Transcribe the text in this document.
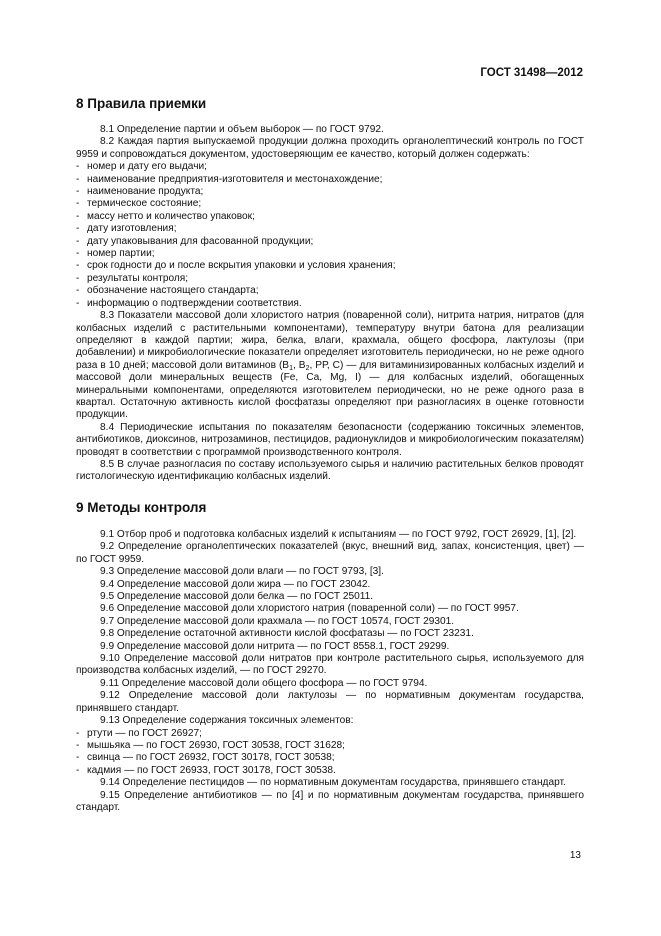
ГОСТ 31498—2012
8 Правила приемки

8.1 Определение партии и объем выборок — по ГОСТ 9792.

8.2 Каждая партия выпускаемой продукции должна проходить органолептический контроль по ГОСТ 9959 и сопровождаться документом, удостоверяющим ее качество, который должен содержать:

- номер и дату его выдачи;
- наименование предприятия-изготовителя и местонахождение;
- наименование продукта;
- термическое состояние;
- массу нетто и количество упаковок;
- дату изготовления;
- дату упаковывания для фасованной продукции;
- номер партии;
- срок годности до и после вскрытия упаковки и условия хранения;
- результаты контроля;
- обозначение настоящего стандарта;
- информацию о подтверждении соответствия.

8.3 Показатели массовой доли хлористого натрия (поваренной соли), нитрита натрия, нитратов (для колбасных изделий с растительными компонентами), температуру внутри батона для реализации определяют в каждой партии; жира, белка, влаги, крахмала, общего фосфора, лактулозы (при добавлении) и микробиологические показатели определяет изготовитель периодически, но не реже одного раза в 10 дней; массовой доли витаминов ($В_1$, $В_2$, РР, С) — для витаминизированных колбасных изделий и массовой доли минеральных веществ (Fe, Ca, Mg, I) — для колбасных изделий, обогащенных минеральными компонентами, определяются изготовителем периодически, но не реже одного раза в квартал. Остаточную активность кислой фосфатазы определяют при разногласиях в оценке готовности продукции.

8.4 Периодические испытания по показателям безопасности (содержанию токсичных элементов, антибиотиков, диоксинов, нитрозаминов, пестицидов, радионуклидов и микробиологическим показателям) проводят в соответствии с программой производственного контроля.

8.5 В случае разногласия по составу используемого сырья и наличию растительных белков проводят гистологическую идентификацию колбасных изделий.

9 Методы контроля

9.1 Отбор проб и подготовка колбасных изделий к испытаниям — по ГОСТ 9792, ГОСТ 26929, [1], [2].

9.2 Определение органолептических показателей (вкус, внешний вид, запах, консистенция, цвет) — по ГОСТ 9959.

9.3 Определение массовой доли влаги — по ГОСТ 9793, [3].

9.4 Определение массовой доли жира — по ГОСТ 23042.

9.5 Определение массовой доли белка — по ГОСТ 25011.

9.6 Определение массовой доли хлористого натрия (поваренной соли) — по ГОСТ 9957.

9.7 Определение массовой доли крахмала — по ГОСТ 10574, ГОСТ 29301.

9.8 Определение остаточной активности кислой фосфатазы — по ГОСТ 23231.

9.9 Определение массовой доли нитрита — по ГОСТ 8558.1, ГОСТ 29299.

9.10 Определение массовой доли нитратов при контроле растительного сырья, используемого для производства колбасных изделий, — по ГОСТ 29270.

9.11 Определение массовой доли общего фосфора — по ГОСТ 9794.

9.12 Определение массовой доли лактулозы — по нормативным документам государства, принявшего стандарт.

9.13 Определение содержания токсичных элементов:

- ртути — по ГОСТ 26927;
- мышьяка — по ГОСТ 26930, ГОСТ 30538, ГОСТ 31628;
- свинца — по ГОСТ 26932, ГОСТ 30178, ГОСТ 30538;
- кадмия — по ГОСТ 26933, ГОСТ 30178, ГОСТ 30538.

9.14 Определение пестицидов — по нормативным документам государства, принявшего стандарт.

9.15 Определение антибиотиков — по [4] и по нормативным документам государства, принявшего стандарт.

13
